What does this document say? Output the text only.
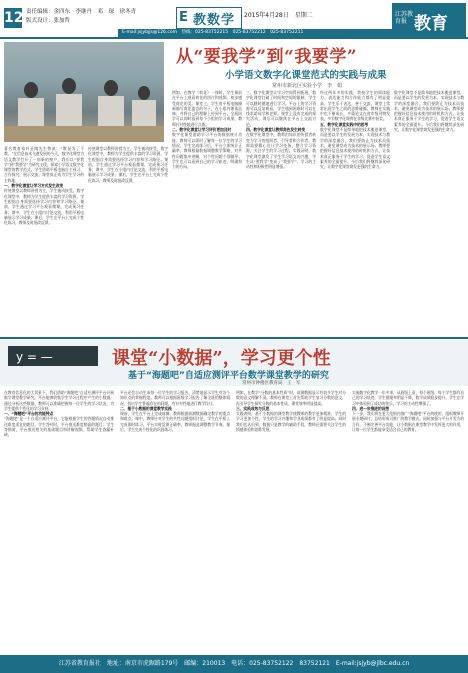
12 责任编辑：金四东　李继丹　邓　琛　徐冬青
版式设计：张加哲	E 教数学 2015年4月28日　星期二	江苏教育报 教育
E-mail:jsjybjjs@126.com　热线：025-83752215　025-83752212　025-83752211
从“要我学”到“我要学”
小学语文数字化课堂范式的实践与成果
常州市新北区实验小学　李　娟
例如，在教学《荷花》一课时，学生课前在平台上观看荷花的图片和视频，初步感受荷花的美。课堂上，学生用平板电脑圈画描写荷花姿态的句子，在小组内朗读品味，并将自己的理解上传到平台，全班同学可以即时看到每个小组的学习成果，教师针对性地进行点拨。
二、数字化课堂让学习评价更加及时
数字化课堂借助学习平台的数据统计功能，教师可以即时了解每一位学生的学习情况。学生完成练习后，平台立即统计正确率，教师根据数据调整教学策略，对共性问题集中讲解，对个性问题个别辅导。学生也可以看到自己的学习轨迹，明确努力的方向。
三、数字化课堂让学习空间得到拓展。数字化课堂打破了时间和空间的限制，学生可以随时随地进行学习。平台上的学习资源可以反复观看，学生遇到困难时可以在线求助同学和老师。课堂上没有完成的探究活动，课后可以继续在平台上交流讨论。
四、数字化课堂让教师角色发生转变
在数字化课堂中，教师由知识的传授者转变为学习的组织者、引导者和合作者。教师需要精心设计学习任务，整合学习资源，关注学生的学习过程。实践证明，数字化课堂激发了学生学习语文的兴趣，学生从“要我学”变成了“我要学”，学习的主动性和积极性明显增强。
经过两年多的实践，我校学生的阅读能力、表达能力和合作能力都有了明显提高。学生乐于表达，善于交流，课堂上常常出现学生之间的思维碰撞。教师在实践中也不断成长，多篇论文在省市级刊物发表，多节数字化课例在各级比赛中获奖。
五、数字化课堂实践中的思考
数字化课堂不是简单地把技术搬进课堂，而是要以学生的发展为本，实现技术与教学的深度融合。我们要防止为技术而技术，避免课堂成为技术的展示场。教师要把握好信息技术使用的时机和方式，让技术真正服务于学生的学习，促进学生语文素养的全面提升。今后我们将继续深化研究，让数字化课堂焕发更强的生命力。
数字化课堂不是简单地把技术搬进课堂，而是要以学生的发展为本，实现技术与教学的深度融合。我们要防止为技术而技术，避免课堂成为技术的展示场。教师要把握好信息技术使用的时机和方式，让技术真正服务于学生的学习，促进学生语文素养的全面提升。今后我们将继续深化研究，让数字化课堂焕发更强的生命力。
著名教育家叶圣陶先生曾说：“教是为了不教。”在信息技术飞速发展的今天，数字化课堂为语文教学打开了一扇新的窗户。我们以“要我学”到“我要学”为研究主线，探索小学语文数字化课堂的教学范式。学生借助平板电脑自主预习、合作探究、展示交流，课堂真正成为学生学习的主阵地。
一、数字化课堂让学习方式发生改变
传统课堂以教师讲授为主，学生被动接受。数字化课堂中，教师为学生提供丰富的学习资源，学生根据自身需要选择学习内容和学习路径。课前，学生通过学习平台观看微课，完成预习任务；课中，学生在小组内讨论交流，利用平板电脑展示学习成果；课后，学生在平台上完成个性化练习，教师及时批改反馈。
传统课堂以教师讲授为主，学生被动接受。数字化课堂中，教师为学生提供丰富的学习资源，学生根据自身需要选择学习内容和学习路径。课前，学生通过学习平台观看微课，完成预习任务；课中，学生在小组内讨论交流，利用平板电脑展示学习成果；课后，学生在平台上完成个性化练习，教师及时批改反馈。
y = —	课堂“小数据”，学习更个性
基于“海题吧”自适应测评平台数学课堂教学的研究
常州市钟楼区教育局　王　军
在教育信息化的大背景下，我们借助“海题吧”自适应测评平台开展数学课堂教学研究。平台能够收集学生学习过程中产生的小数据，通过分析这些数据，教师可以准确把握每一位学生的学习状况，为学生提供个性化的学习支持。
一、“海题吧”平台的功能特点
“海题吧”是一个自适应测评平台，它能根据学生的答题情况自动推送难度适宜的题目。学生答对时，平台推送难度稍高的题目；学生答错时，平台推送相关的基础题目和讲解视频，帮助学生查漏补缺。
平台还会自动生成每一位学生的学习报告，清楚地显示学生对各个知识点的掌握程度。教师可以根据班级学习报告了解全班的整体情况，找出学生普遍存在的问题，有针对性地进行教学设计。
二、基于小数据的课堂教学实践
课前，学生在平台上完成前测，教师根据前测数据确定教学的重点和难点。课中，教师针对学生的共性问题组织讨论，学生在平板上完成即时练习，平台实时反馈正确率，教师据此调整教学节奏。课后，学生完成个性化的巩固练习。
例如，在教学“分数的基本性质”时，前测数据显示有较多学生对分数的意义理解不清。教师在课堂上首先帮助学生复习分数的意义，再引导学生探究分数的基本性质，课堂效率明显提高。
三、实践成效与反思
实践表明，基于小数据的课堂教学使教师的教学更加精准，学生的学习更加个性。学生的学习兴趣和学业成绩都有了明显提高。同时我们也认识到，数据只是教学的辅助手段，教师还需要关注学生的情感体验和思维发展。
实施数字化教学一年多来，从班级上看，每个班级、每个学生都有自己的学习轨迹，学生错题率明显下降，数学成绩稳步提升。学生在学习中体验到了成功的快乐，学习的主动性增强了。
四、进一步推进的设想
下一步，我们将在更大范围内推广“海题吧”平台的使用，组织教师开展专题研讨，总结形成可推广的教学模式。同时加强与平台开发方的合作，不断完善平台功能，让小数据在课堂教学中发挥更大的作用，让每一位学生都能享受适合自己的教育。
江苏省教育报社　地址：南京市虎踞路179号　邮编：210013　电话：025-83752122　83752121　E-mail:jsjyb@jlbc.edu.cn
